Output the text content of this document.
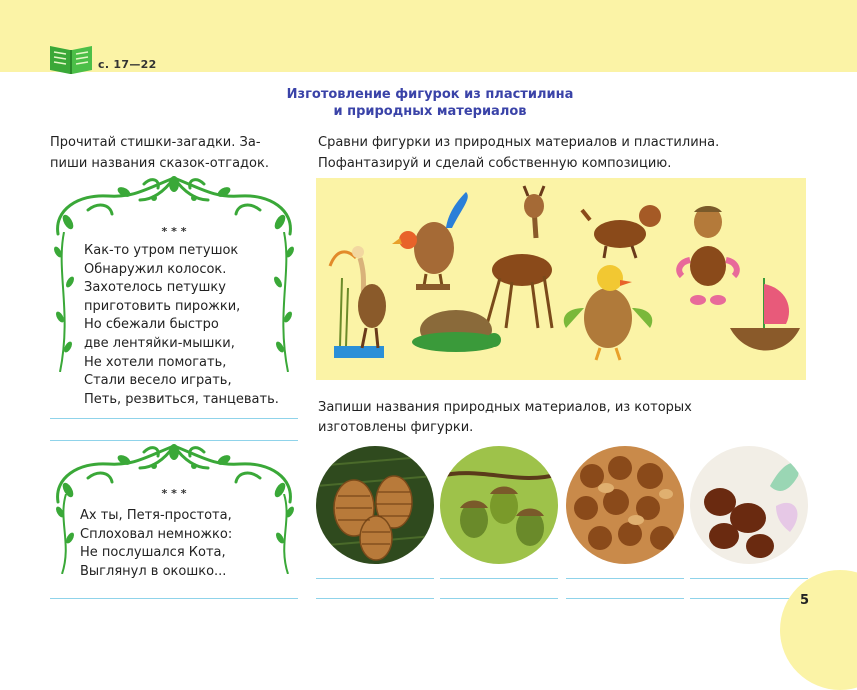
с. 17—22
Изготовление фигурок из пластилина
и природных материалов
Прочитай стишки-загадки. За-
пиши названия сказок-отгадок.
* * *
Как-то утром петушок
Обнаружил колосок.
Захотелось петушку
приготовить пирожки,
Но сбежали быстро
две лентяйки-мышки,
Не хотели помогать,
Стали весело играть,
Петь, резвиться, танцевать.
* * *
Ах ты, Петя-простота,
Сплоховал немножко:
Не послушался Кота,
Выглянул в окошко...
Сравни фигурки из природных материалов и пластилина.
Пофантазируй и сделай собственную композицию.
Запиши названия природных материалов, из которых
изготовлены фигурки.
5
